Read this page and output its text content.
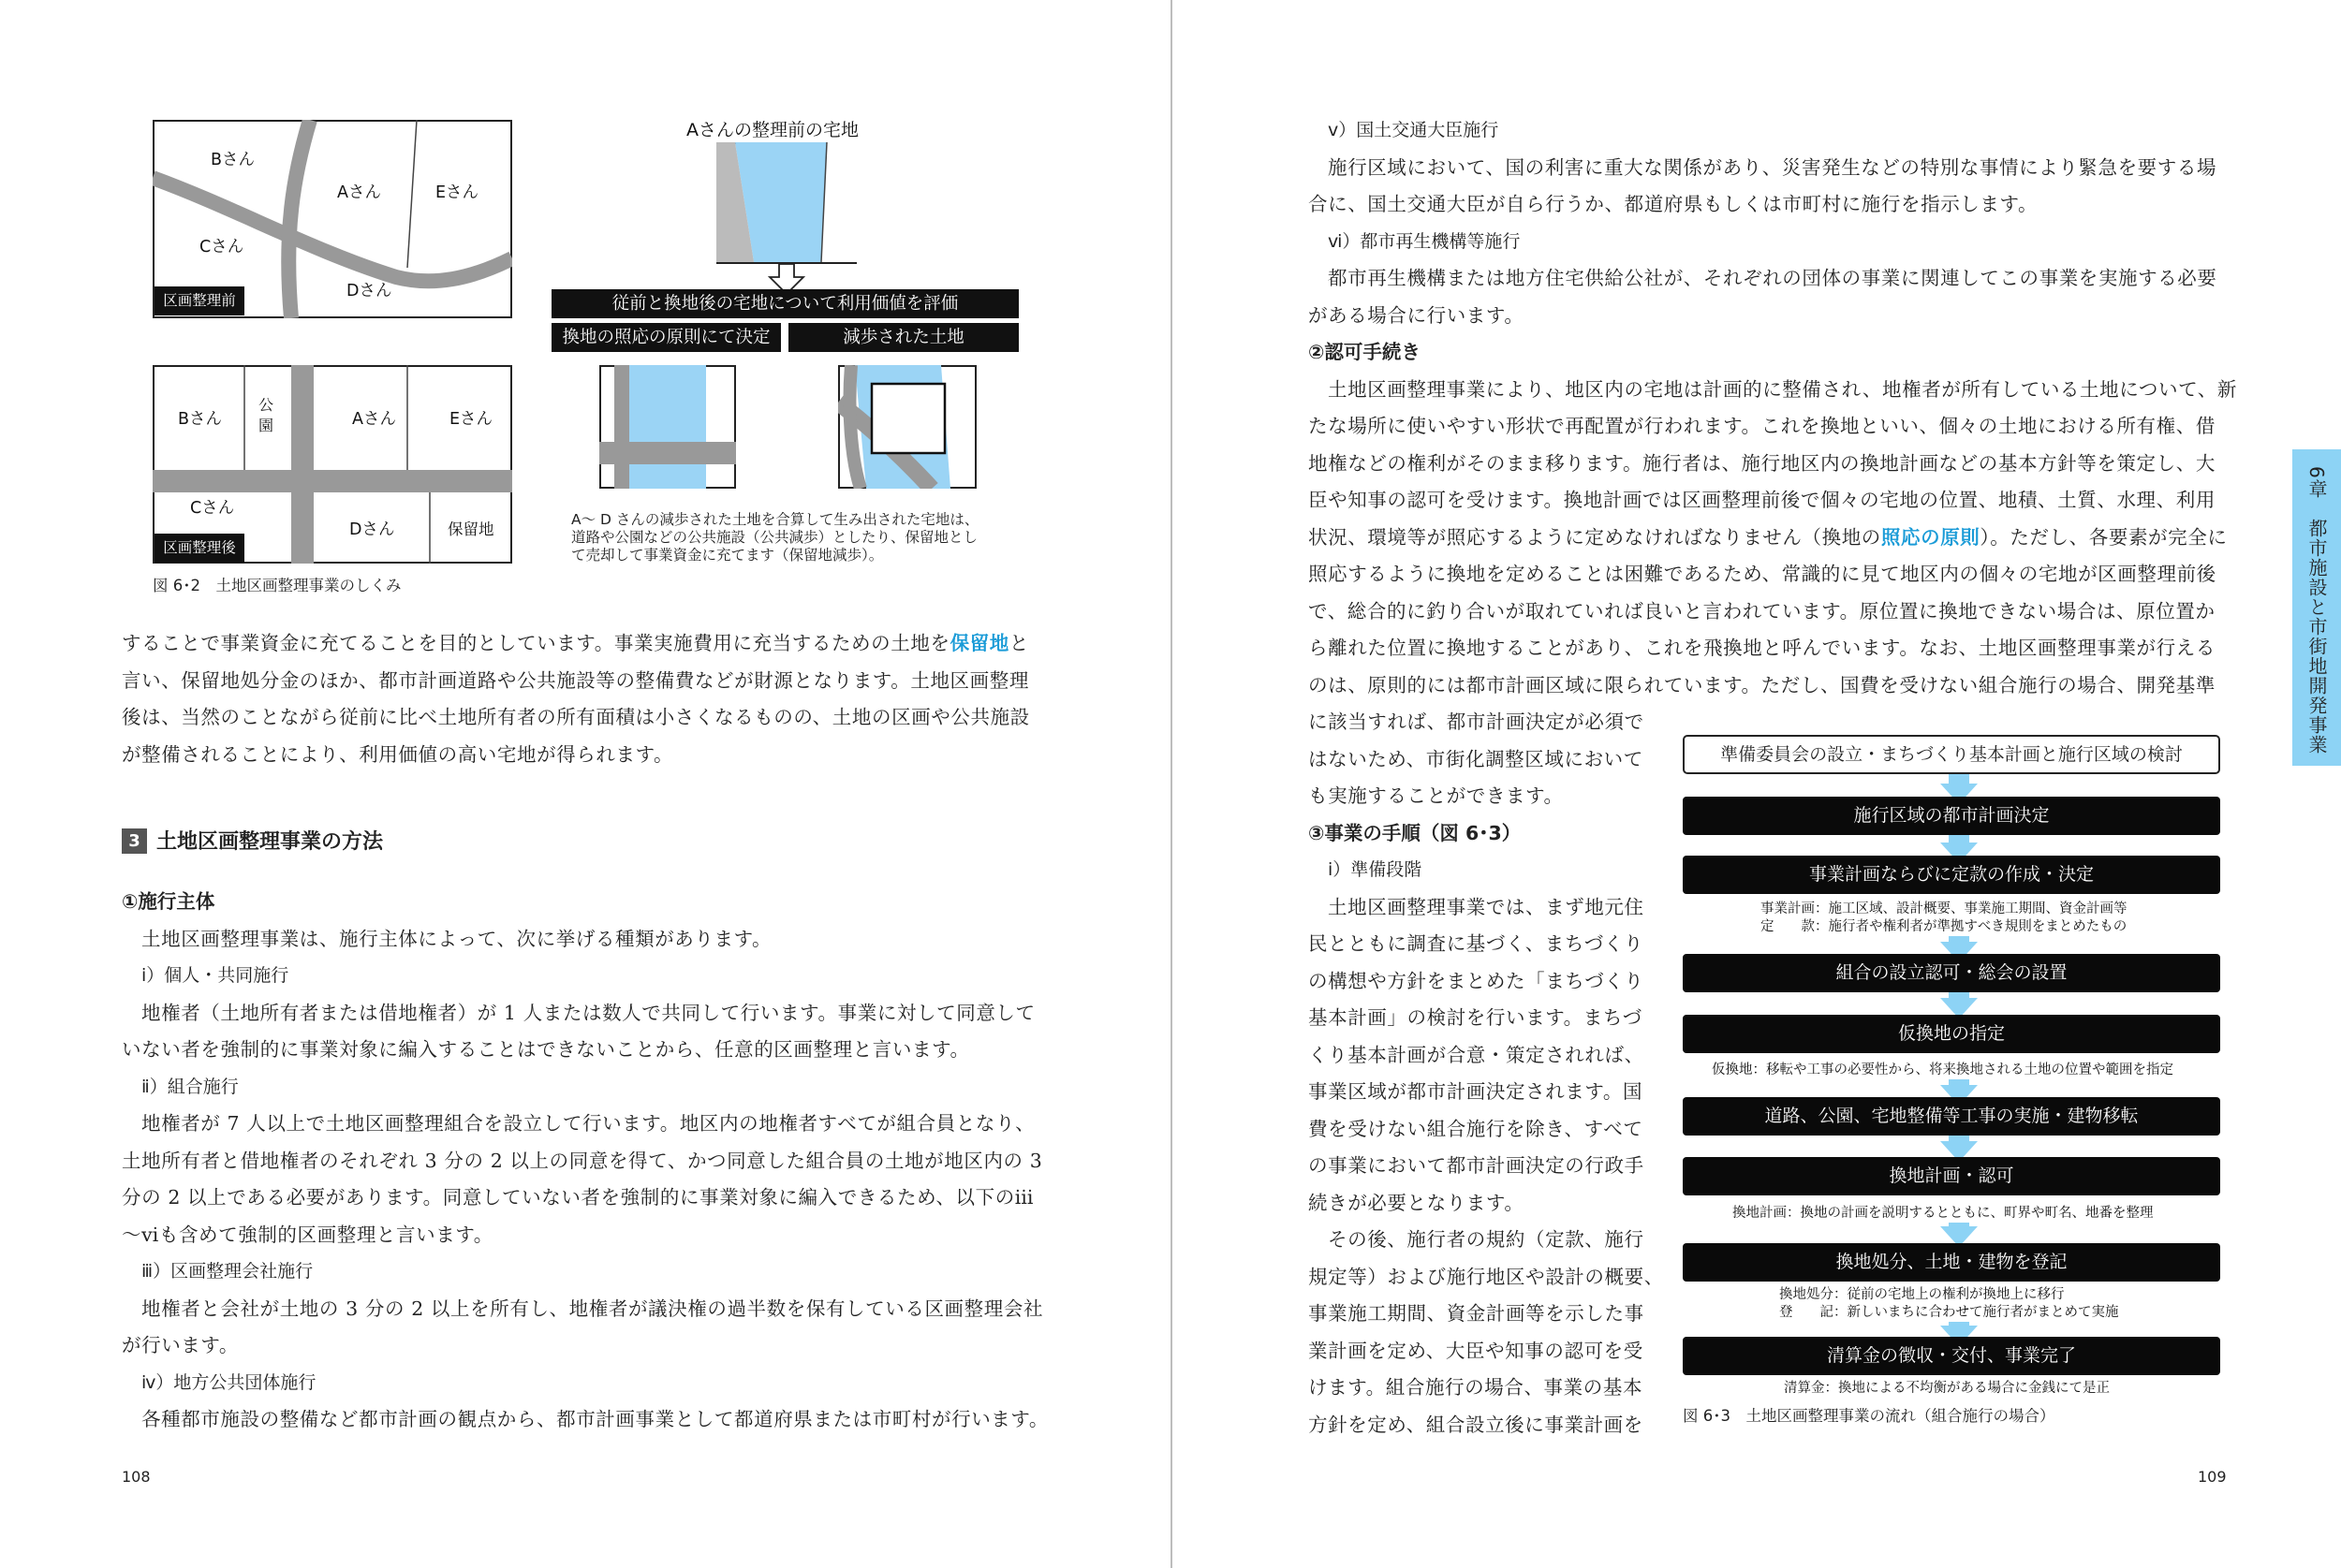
Bさん
Aさん	Eさん
Cさん
Dさん
区画整理前
Bさん
公
園	Aさん	Eさん
Cさん
Dさん	保留地
区画整理後
Aさんの整理前の宅地
従前と換地後の宅地について利用価値を評価
換地の照応の原則にて決定	減歩された土地
A～ D さんの減歩された土地を合算して生み出された宅地は、
道路や公園などの公共施設（公共減歩）としたり、保留地とし
て売却して事業資金に充てます（保留地減歩）。
図 6･2　土地区画整理事業のしくみ

することで事業資金に充てることを目的としています。事業実施費用に充当するための土地を保留地と

言い、保留地処分金のほか、都市計画道路や公共施設等の整備費などが財源となります。土地区画整理

後は、当然のことながら従前に比べ土地所有者の所有面積は小さくなるものの、土地の区画や公共施設

が整備されることにより、利用価値の高い宅地が得られます。

3 土地区画整理事業の方法
①施行主体
土地区画整理事業は、施行主体によって、次に挙げる種類があります。
ⅰ）個人・共同施行
地権者（土地所有者または借地権者）が 1 人または数人で共同して行います。事業に対して同意して
いない者を強制的に事業対象に編入することはできないことから、任意的区画整理と言います。
ⅱ）組合施行
地権者が 7 人以上で土地区画整理組合を設立して行います。地区内の地権者すべてが組合員となり、
土地所有者と借地権者のそれぞれ 3 分の 2 以上の同意を得て、かつ同意した組合員の土地が地区内の 3
分の 2 以上である必要があります。同意していない者を強制的に事業対象に編入できるため、以下のⅲ
～ⅵも含めて強制的区画整理と言います。
ⅲ）区画整理会社施行
地権者と会社が土地の 3 分の 2 以上を所有し、地権者が議決権の過半数を保有している区画整理会社
が行います。
ⅳ）地方公共団体施行
各種都市施設の整備など都市計画の観点から、都市計画事業として都道府県または市町村が行います。
108
ⅴ）国土交通大臣施行
施行区域において、国の利害に重大な関係があり、災害発生などの特別な事情により緊急を要する場
合に、国土交通大臣が自ら行うか、都道府県もしくは市町村に施行を指示します。
ⅵ）都市再生機構等施行
都市再生機構または地方住宅供給公社が、それぞれの団体の事業に関連してこの事業を実施する必要
がある場合に行います。
②認可手続き
土地区画整理事業により、地区内の宅地は計画的に整備され、地権者が所有している土地について、新
たな場所に使いやすい形状で再配置が行われます。これを換地といい、個々の土地における所有権、借
地権などの権利がそのまま移ります。施行者は、施行地区内の換地計画などの基本方針等を策定し、大
臣や知事の認可を受けます。換地計画では区画整理前後で個々の宅地の位置、地積、土質、水理、利用
状況、環境等が照応するように定めなければなりません（換地の照応の原則）。ただし、各要素が完全に
照応するように換地を定めることは困難であるため、常識的に見て地区内の個々の宅地が区画整理前後
で、総合的に釣り合いが取れていれば良いと言われています。原位置に換地できない場合は、原位置か
ら離れた位置に換地することがあり、これを飛換地と呼んでいます。なお、土地区画整理事業が行える
のは、原則的には都市計画区域に限られています。ただし、国費を受けない組合施行の場合、開発基準
に該当すれば、都市計画決定が必須で
はないため、市街化調整区域において
も実施することができます。
③事業の手順（図 6･3）
ⅰ）準備段階
土地区画整理事業では、まず地元住
民とともに調査に基づく、まちづくり
の構想や方針をまとめた「まちづくり
基本計画」の検討を行います。まちづ
くり基本計画が合意・策定されれば、
事業区域が都市計画決定されます。国
費を受けない組合施行を除き、すべて
の事業において都市計画決定の行政手
続きが必要となります。
その後、施行者の規約（定款、施行
規定等）および施行地区や設計の概要、
事業施工期間、資金計画等を示した事
業計画を定め、大臣や知事の認可を受
けます。組合施行の場合、事業の基本
方針を定め、組合設立後に事業計画を
準備委員会の設立・まちづくり基本計画と施行区域の検討
施行区域の都市計画決定
事業計画ならびに定款の作成・決定
事業計画：施工区域、設計概要、事業施工期間、資金計画等
定　　款：施行者や権利者が準拠すべき規則をまとめたもの
組合の設立認可・総会の設置
仮換地の指定
仮換地：移転や工事の必要性から、将来換地される土地の位置や範囲を指定
道路、公園、宅地整備等工事の実施・建物移転
換地計画・認可
換地計画：換地の計画を説明するとともに、町界や町名、地番を整理
換地処分、土地・建物を登記
換地処分：従前の宅地上の権利が換地上に移行
登　　記：新しいまちに合わせて施行者がまとめて実施
清算金の徴収・交付、事業完了
清算金：換地による不均衡がある場合に金銭にて是正
図 6･3　土地区画整理事業の流れ（組合施行の場合）
6章　都市施設と市街地開発事業
109
